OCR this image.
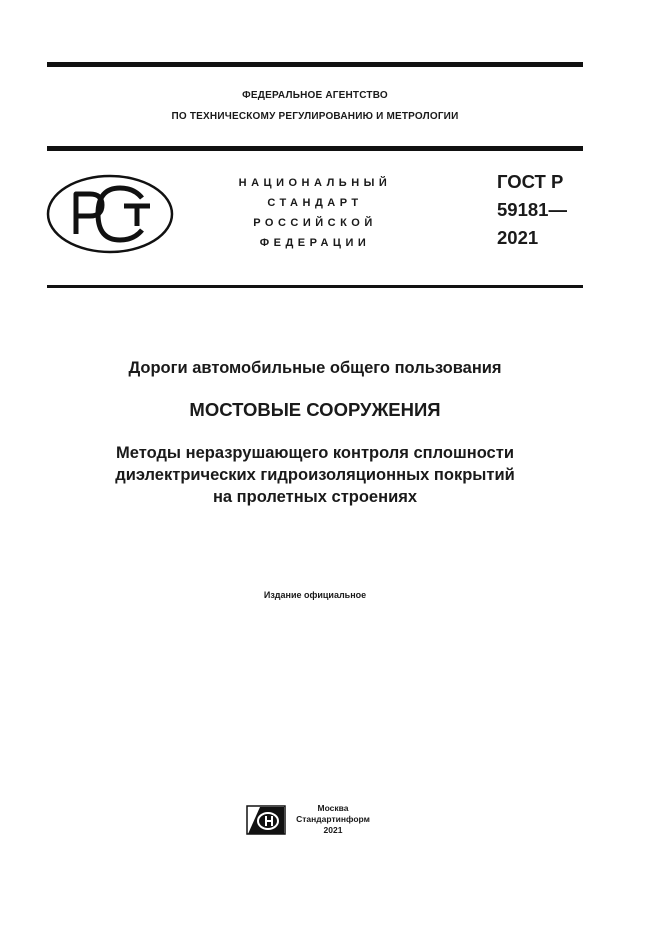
ФЕДЕРАЛЬНОЕ АГЕНТСТВО
ПО ТЕХНИЧЕСКОМУ РЕГУЛИРОВАНИЮ И МЕТРОЛОГИИ
НАЦИОНАЛЬНЫЙ
СТАНДАРТ
РОССИЙСКОЙ
ФЕДЕРАЦИИ
ГОСТ Р
59181—
2021
Дороги автомобильные общего пользования
МОСТОВЫЕ СООРУЖЕНИЯ
Методы неразрушающего контроля сплошности
диэлектрических гидроизоляционных покрытий
на пролетных строениях
Издание официальное
Москва
Стандартинформ
2021
